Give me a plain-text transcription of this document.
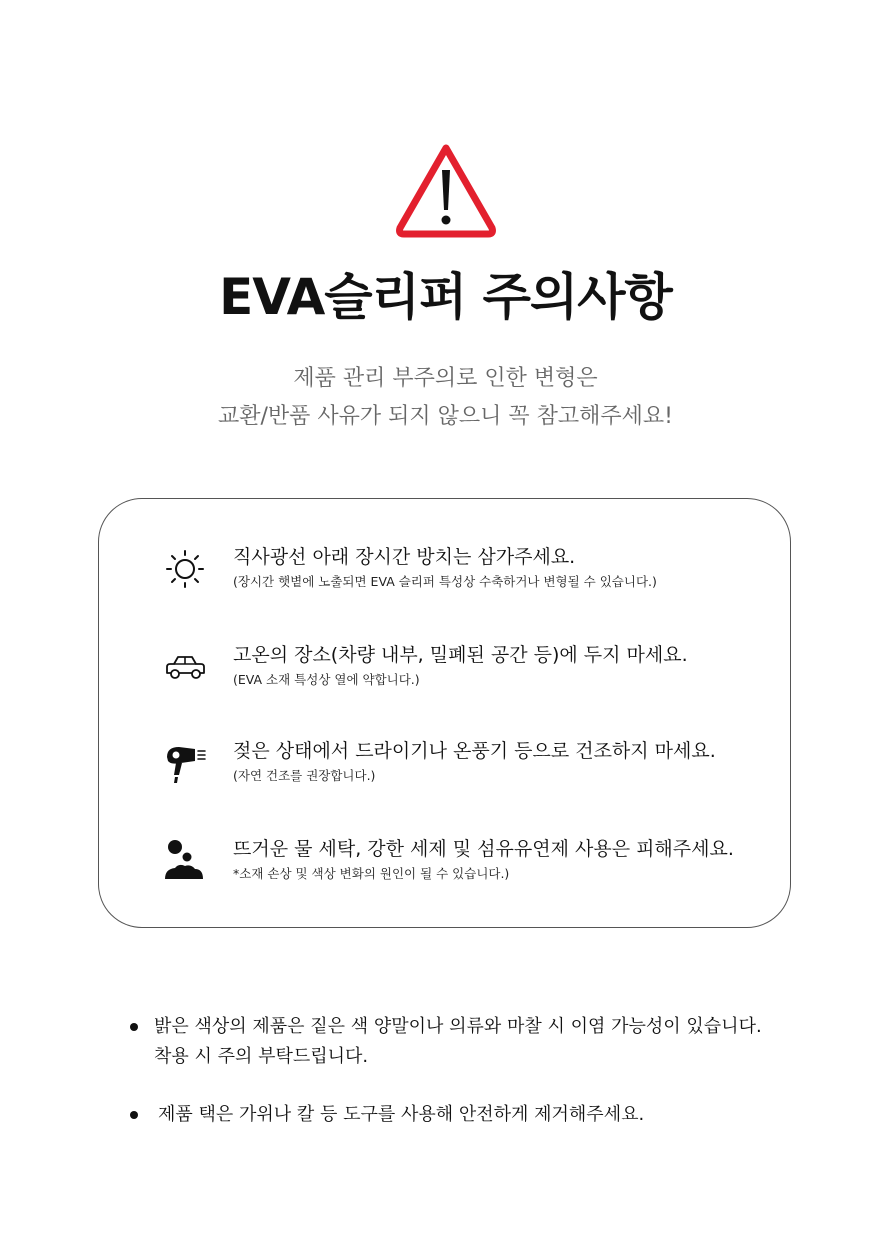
EVA슬리퍼 주의사항
제품 관리 부주의로 인한 변형은
교환/반품 사유가 되지 않으니 꼭 참고해주세요!
직사광선 아래 장시간 방치는 삼가주세요.
(장시간 햇볕에 노출되면 EVA 슬리퍼 특성상 수축하거나 변형될 수 있습니다.)
고온의 장소(차량 내부, 밀폐된 공간 등)에 두지 마세요.
(EVA 소재 특성상 열에 약합니다.)
젖은 상태에서 드라이기나 온풍기 등으로 건조하지 마세요.
(자연 건조를 권장합니다.)
뜨거운 물 세탁, 강한 세제 및 섬유유연제 사용은 피해주세요.
*소재 손상 및 색상 변화의 원인이 될 수 있습니다.)
밝은 색상의 제품은 짙은 색 양말이나 의류와 마찰 시 이염 가능성이 있습니다.
착용 시 주의 부탁드립니다.
제품 택은 가위나 칼 등 도구를 사용해 안전하게 제거해주세요.
